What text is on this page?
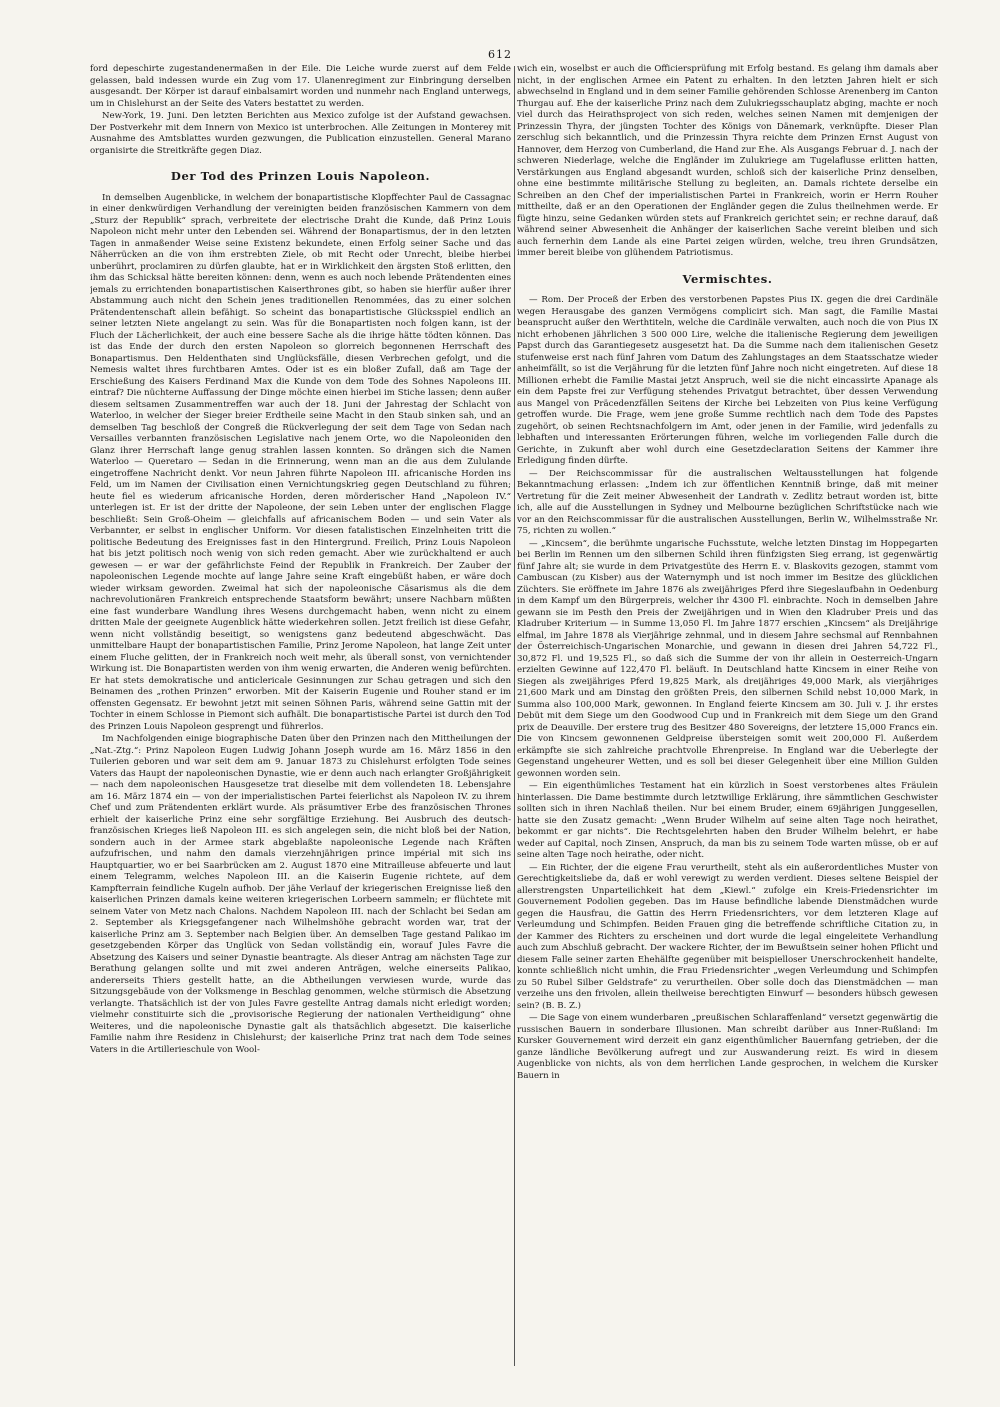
612

ford depeschirte zugestandenermaßen in der Eile. Die Leiche wurde zuerst auf dem Felde gelassen, bald indessen wurde ein Zug vom 17. Ulanenregiment zur Einbringung derselben ausgesandt. Der Körper ist darauf einbalsamirt worden und nunmehr nach England unterwegs, um in Chislehurst an der Seite des Vaters bestattet zu werden.

New-York, 19. Juni. Den letzten Berichten aus Mexico zufolge ist der Aufstand gewachsen. Der Postverkehr mit dem Innern von Mexico ist unterbrochen. Alle Zeitungen in Monterey mit Ausnahme des Amtsblattes wurden gezwungen, die Publication einzustellen. General Marano organisirte die Streitkräfte gegen Diaz.

Der Tod des Prinzen Louis Napoleon.

In demselben Augenblicke, in welchem der bonapartistische Klopffechter Paul de Cassagnac in einer denkwürdigen Verhandlung der vereinigten beiden französischen Kammern von dem „Sturz der Republik“ sprach, verbreitete der electrische Draht die Kunde, daß Prinz Louis Napoleon nicht mehr unter den Lebenden sei. Während der Bonapartismus, der in den letzten Tagen in anmaßender Weise seine Existenz bekundete, einen Erfolg seiner Sache und das Näherrücken an die von ihm erstrebten Ziele, ob mit Recht oder Unrecht, bleibe hierbei unberührt, proclamiren zu dürfen glaubte, hat er in Wirklichkeit den ärgsten Stoß erlitten, den ihm das Schicksal hätte bereiten können: denn, wenn es auch noch lebende Prätendenten eines jemals zu errichtenden bonapartistischen Kaiserthrones gibt, so haben sie hierfür außer ihrer Abstammung auch nicht den Schein jenes traditionellen Renommées, das zu einer solchen Prätendentenschaft allein befähigt. So scheint das bonapartistische Glücksspiel endlich an seiner letzten Niete angelangt zu sein. Was für die Bonapartisten noch folgen kann, ist der Fluch der Lächerlichkeit, der auch eine bessere Sache als die ihrige hätte tödten können. Das ist das Ende der durch den ersten Napoleon so glorreich begonnenen Herrschaft des Bonapartismus. Den Heldenthaten sind Unglücksfälle, diesen Verbrechen gefolgt, und die Nemesis waltet ihres furchtbaren Amtes. Oder ist es ein bloßer Zufall, daß am Tage der Erschießung des Kaisers Ferdinand Max die Kunde von dem Tode des Sohnes Napoleons III. eintraf? Die nüchterne Auffassung der Dinge möchte einen hierbei im Stiche lassen; denn außer diesem seltsamen Zusammentreffen war auch der 18. Juni der Jahrestag der Schlacht von Waterloo, in welcher der Sieger breier Erdtheile seine Macht in den Staub sinken sah, und an demselben Tag beschloß der Congreß die Rückverlegung der seit dem Tage von Sedan nach Versailles verbannten französischen Legislative nach jenem Orte, wo die Napoleoniden den Glanz ihrer Herrschaft lange genug strahlen lassen konnten. So drängen sich die Namen Waterloo — Queretaro — Sedan in die Erinnerung, wenn man an die aus dem Zululande eingetroffene Nachricht denkt. Vor neun Jahren führte Napoleon III. africanische Horden ins Feld, um im Namen der Civilisation einen Vernichtungskrieg gegen Deutschland zu führen; heute fiel es wiederum africanische Horden, deren mörderischer Hand „Napoleon IV.“ unterlegen ist. Er ist der dritte der Napoleone, der sein Leben unter der englischen Flagge beschließt: Sein Groß-Oheim — gleichfalls auf africanischem Boden — und sein Vater als Verbannter, er selbst in englischer Uniform. Vor diesen fatalistischen Einzelnheiten tritt die politische Bedeutung des Ereignisses fast in den Hintergrund. Freilich, Prinz Louis Napoleon hat bis jetzt politisch noch wenig von sich reden gemacht. Aber wie zurückhaltend er auch gewesen — er war der gefährlichste Feind der Republik in Frankreich. Der Zauber der napoleonischen Legende mochte auf lange Jahre seine Kraft eingebüßt haben, er wäre doch wieder wirksam geworden. Zweimal hat sich der napoleonische Cäsarismus als die dem nachrevolutionären Frankreich entsprechende Staatsform bewährt; unsere Nachbarn müßten eine fast wunderbare Wandlung ihres Wesens durchgemacht haben, wenn nicht zu einem dritten Male der geeignete Augenblick hätte wiederkehren sollen. Jetzt freilich ist diese Gefahr, wenn nicht vollständig beseitigt, so wenigstens ganz bedeutend abgeschwächt. Das unmittelbare Haupt der bonapartistischen Familie, Prinz Jerome Napoleon, hat lange Zeit unter einem Fluche gelitten, der in Frankreich noch weit mehr, als überall sonst, von vernichtender Wirkung ist. Die Bonapartisten werden von ihm wenig erwarten, die Anderen wenig befürchten. Er hat stets demokratische und anticlericale Gesinnungen zur Schau getragen und sich den Beinamen des „rothen Prinzen“ erworben. Mit der Kaiserin Eugenie und Rouher stand er im offensten Gegensatz. Er bewohnt jetzt mit seinen Söhnen Paris, während seine Gattin mit der Tochter in einem Schlosse in Piemont sich aufhält. Die bonapartistische Partei ist durch den Tod des Prinzen Louis Napoleon gesprengt und führerlos.

Im Nachfolgenden einige biographische Daten über den Prinzen nach den Mittheilungen der „Nat.-Ztg.“: Prinz Napoleon Eugen Ludwig Johann Joseph wurde am 16. März 1856 in den Tuilerien geboren und war seit dem am 9. Januar 1873 zu Chislehurst erfolgten Tode seines Vaters das Haupt der napoleonischen Dynastie, wie er denn auch nach erlangter Großjährigkeit — nach dem napoleonischen Hausgesetze trat dieselbe mit dem vollendeten 18. Lebensjahre am 16. März 1874 ein — von der imperialistischen Partei feierlichst als Napoleon IV. zu ihrem Chef und zum Prätendenten erklärt wurde. Als präsumtiver Erbe des französischen Thrones erhielt der kaiserliche Prinz eine sehr sorgfältige Erziehung. Bei Ausbruch des deutsch-französischen Krieges ließ Napoleon III. es sich angelegen sein, die nicht bloß bei der Nation, sondern auch in der Armee stark abgeblaßte napoleonische Legende nach Kräften aufzufrischen, und nahm den damals vierzehnjährigen prince impérial mit sich ins Hauptquartier, wo er bei Saarbrücken am 2. August 1870 eine Mitrailleuse abfeuerte und laut einem Telegramm, welches Napoleon III. an die Kaiserin Eugenie richtete, auf dem Kampfterrain feindliche Kugeln aufhob. Der jähe Verlauf der kriegerischen Ereignisse ließ den kaiserlichen Prinzen damals keine weiteren kriegerischen Lorbeern sammeln; er flüchtete mit seinem Vater von Metz nach Chalons. Nachdem Napoleon III. nach der Schlacht bei Sedan am 2. September als Kriegsgefangener nach Wilhelmshöhe gebracht worden war, trat der kaiserliche Prinz am 3. September nach Belgien über. An demselben Tage gestand Palikao im gesetzgebenden Körper das Unglück von Sedan vollständig ein, worauf Jules Favre die Absetzung des Kaisers und seiner Dynastie beantragte. Als dieser Antrag am nächsten Tage zur Berathung gelangen sollte und mit zwei anderen Anträgen, welche einerseits Palikao, andererseits Thiers gestellt hatte, an die Abtheilungen verwiesen wurde, wurde das Sitzungsgebäude von der Volksmenge in Beschlag genommen, welche stürmisch die Absetzung verlangte. Thatsächlich ist der von Jules Favre gestellte Antrag damals nicht erledigt worden; vielmehr constituirte sich die „provisorische Regierung der nationalen Vertheidigung“ ohne Weiteres, und die napoleonische Dynastie galt als thatsächlich abgesetzt. Die kaiserliche Familie nahm ihre Residenz in Chislehurst; der kaiserliche Prinz trat nach dem Tode seines Vaters in die Artillerieschule von Wool-

wich ein, woselbst er auch die Officiersprüfung mit Erfolg bestand. Es gelang ihm damals aber nicht, in der englischen Armee ein Patent zu erhalten. In den letzten Jahren hielt er sich abwechselnd in England und in dem seiner Familie gehörenden Schlosse Arenenberg im Canton Thurgau auf. Ehe der kaiserliche Prinz nach dem Zulukriegsschauplatz abging, machte er noch viel durch das Heirathsproject von sich reden, welches seinen Namen mit demjenigen der Prinzessin Thyra, der jüngsten Tochter des Königs von Dänemark, verknüpfte. Dieser Plan zerschlug sich bekanntlich, und die Prinzessin Thyra reichte dem Prinzen Ernst August von Hannover, dem Herzog von Cumberland, die Hand zur Ehe. Als Ausgangs Februar d. J. nach der schweren Niederlage, welche die Engländer im Zulukriege am Tugelaflusse erlitten hatten, Verstärkungen aus England abgesandt wurden, schloß sich der kaiserliche Prinz denselben, ohne eine bestimmte militärische Stellung zu begleiten, an. Damals richtete derselbe ein Schreiben an den Chef der imperialistischen Partei in Frankreich, worin er Herrn Rouher mittheilte, daß er an den Operationen der Engländer gegen die Zulus theilnehmen werde. Er fügte hinzu, seine Gedanken würden stets auf Frankreich gerichtet sein; er rechne darauf, daß während seiner Abwesenheit die Anhänger der kaiserlichen Sache vereint bleiben und sich auch fernerhin dem Lande als eine Partei zeigen würden, welche, treu ihren Grundsätzen, immer bereit bleibe von glühendem Patriotismus.

Vermischtes.

— Rom. Der Proceß der Erben des verstorbenen Papstes Pius IX. gegen die drei Cardinäle wegen Herausgabe des ganzen Vermögens complicirt sich. Man sagt, die Familie Mastai beansprucht außer den Werthtiteln, welche die Cardinäle verwalten, auch noch die von Pius IX nicht erhobenen jährlichen 3 500 000 Lire, welche die italienische Regierung dem jeweiligen Papst durch das Garantiegesetz ausgesetzt hat. Da die Summe nach dem italienischen Gesetz stufenweise erst nach fünf Jahren vom Datum des Zahlungstages an dem Staatsschatze wieder anheimfällt, so ist die Verjährung für die letzten fünf Jahre noch nicht eingetreten. Auf diese 18 Millionen erhebt die Familie Mastai jetzt Anspruch, weil sie die nicht eincassirte Apanage als ein dem Papste frei zur Verfügung stehendes Privatgut betrachtet, über dessen Verwendung aus Mangel von Präcedenzfällen Seitens der Kirche bei Lebzeiten von Pius keine Verfügung getroffen wurde. Die Frage, wem jene große Summe rechtlich nach dem Tode des Papstes zugehört, ob seinen Rechtsnachfolgern im Amt, oder jenen in der Familie, wird jedenfalls zu lebhaften und interessanten Erörterungen führen, welche im vorliegenden Falle durch die Gerichte, in Zukunft aber wohl durch eine Gesetzdeclaration Seitens der Kammer ihre Erledigung finden dürfte.

— Der Reichscommissar für die australischen Weltausstellungen hat folgende Bekanntmachung erlassen: „Indem ich zur öffentlichen Kenntniß bringe, daß mit meiner Vertretung für die Zeit meiner Abwesenheit der Landrath v. Zedlitz betraut worden ist, bitte ich, alle auf die Ausstellungen in Sydney und Melbourne bezüglichen Schriftstücke nach wie vor an den Reichscommissar für die australischen Ausstellungen, Berlin W., Wilhelmsstraße Nr. 75, richten zu wollen.“

— „Kincsem“, die berühmte ungarische Fuchsstute, welche letzten Dinstag im Hoppegarten bei Berlin im Rennen um den silbernen Schild ihren fünfzigsten Sieg errang, ist gegenwärtig fünf Jahre alt; sie wurde in dem Privatgestüte des Herrn E. v. Blaskovits gezogen, stammt vom Cambuscan (zu Kisber) aus der Waternymph und ist noch immer im Besitze des glücklichen Züchters. Sie eröffnete im Jahre 1876 als zweijähriges Pferd ihre Siegeslaufbahn in Oedenburg in dem Kampf um den Bürgerpreis, welcher ihr 4300 Fl. einbrachte. Noch in demselben Jahre gewann sie im Pesth den Preis der Zweijährigen und in Wien den Kladruber Preis und das Kladruber Kriterium — in Summe 13,050 Fl. Im Jahre 1877 erschien „Kincsem“ als Dreijährige elfmal, im Jahre 1878 als Vierjährige zehnmal, und in diesem Jahre sechsmal auf Rennbahnen der Österreichisch-Ungarischen Monarchie, und gewann in diesen drei Jahren 54,722 Fl., 30,872 Fl. und 19,525 Fl., so daß sich die Summe der von ihr allein in Oesterreich-Ungarn erzielten Gewinne auf 122,470 Fl. beläuft. In Deutschland hatte Kincsem in einer Reihe von Siegen als zweijähriges Pferd 19,825 Mark, als dreijähriges 49,000 Mark, als vierjähriges 21,600 Mark und am Dinstag den größten Preis, den silbernen Schild nebst 10,000 Mark, in Summa also 100,000 Mark, gewonnen. In England feierte Kincsem am 30. Juli v. J. ihr erstes Debüt mit dem Siege um den Goodwood Cup und in Frankreich mit dem Siege um den Grand prix de Deauville. Der erstere trug des Besitzer 480 Sovereigns, der letztere 15,000 Francs ein. Die von Kincsem gewonnenen Geldpreise übersteigen somit weit 200,000 Fl. Außerdem erkämpfte sie sich zahlreiche prachtvolle Ehrenpreise. In England war die Ueberlegte der Gegenstand ungeheurer Wetten, und es soll bei dieser Gelegenheit über eine Million Gulden gewonnen worden sein.

— Ein eigenthümliches Testament hat ein kürzlich in Soest verstorbenes altes Fräulein hinterlassen. Die Dame bestimmte durch letztwillige Erklärung, ihre sämmtlichen Geschwister sollten sich in ihren Nachlaß theilen. Nur bei einem Bruder, einem 69jährigen Junggesellen, hatte sie den Zusatz gemacht: „Wenn Bruder Wilhelm auf seine alten Tage noch heirathet, bekommt er gar nichts“. Die Rechtsgelehrten haben den Bruder Wilhelm belehrt, er habe weder auf Capital, noch Zinsen, Anspruch, da man bis zu seinem Tode warten müsse, ob er auf seine alten Tage noch heirathe, oder nicht.

— Ein Richter, der die eigene Frau verurtheilt, steht als ein außerordentliches Muster von Gerechtigkeitsliebe da, daß er wohl verewigt zu werden verdient. Dieses seltene Beispiel der allerstrengsten Unparteilichkeit hat dem „Kiewl.“ zufolge ein Kreis-Friedensrichter im Gouvernement Podolien gegeben. Das im Hause befindliche labende Dienstmädchen wurde gegen die Hausfrau, die Gattin des Herrn Friedensrichters, vor dem letzteren Klage auf Verleumdung und Schimpfen. Beiden Frauen ging die betreffende schriftliche Citation zu, in der Kammer des Richters zu erscheinen und dort wurde die legal eingeleitete Verhandlung auch zum Abschluß gebracht. Der wackere Richter, der im Bewußtsein seiner hohen Pflicht und diesem Falle seiner zarten Ehehälfte gegenüber mit beispielloser Unerschrockenheit handelte, konnte schließlich nicht umhin, die Frau Friedensrichter „wegen Verleumdung und Schimpfen zu 50 Rubel Silber Geldstrafe“ zu verurtheilen. Ober solle doch das Dienstmädchen — man verzeihe uns den frivolen, allein theilweise berechtigten Einwurf — besonders hübsch gewesen sein? (B. B. Z.)

— Die Sage von einem wunderbaren „preußischen Schlaraffenland“ versetzt gegenwärtig die russischen Bauern in sonderbare Illusionen. Man schreibt darüber aus Inner-Rußland: Im Kursker Gouvernement wird derzeit ein ganz eigenthümlicher Bauernfang getrieben, der die ganze ländliche Bevölkerung aufregt und zur Auswanderung reizt. Es wird in diesem Augenblicke von nichts, als von dem herrlichen Lande gesprochen, in welchem die Kursker Bauern in
